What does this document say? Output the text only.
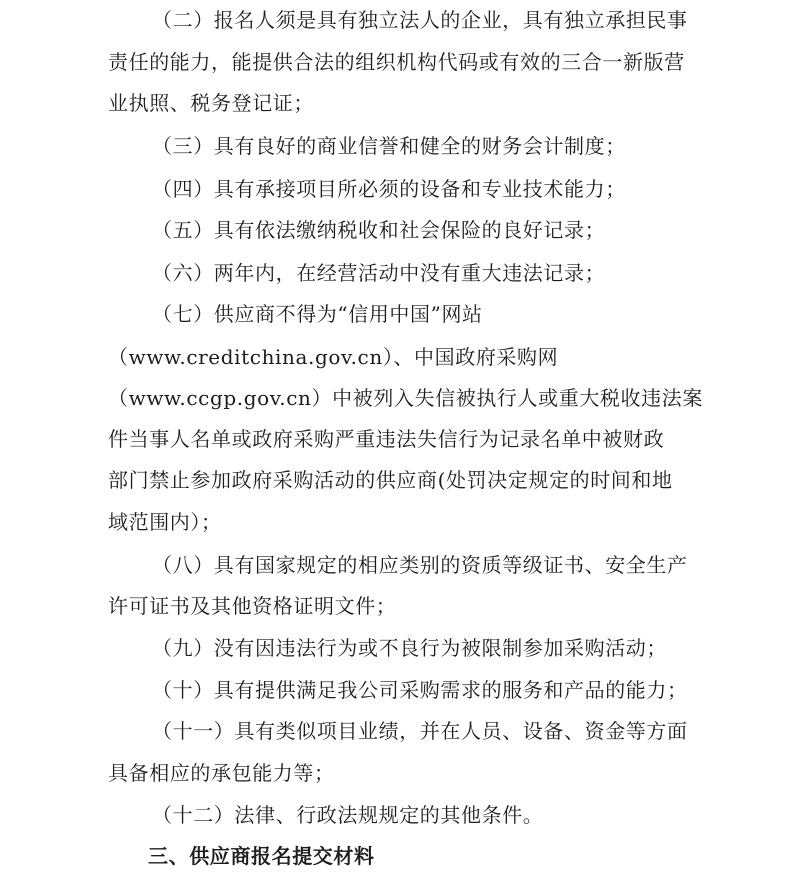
（二）报名人须是具有独立法人的企业，具有独立承担民事
责任的能力，能提供合法的组织机构代码或有效的三合一新版营
业执照、税务登记证；
（三）具有良好的商业信誉和健全的财务会计制度；
（四）具有承接项目所必须的设备和专业技术能力；
（五）具有依法缴纳税收和社会保险的良好记录；
（六）两年内，在经营活动中没有重大违法记录；
（七）供应商不得为“信用中国”网站
（www.creditchina.gov.cn）、中国政府采购网
（www.ccgp.gov.cn）中被列入失信被执行人或重大税收违法案
件当事人名单或政府采购严重违法失信行为记录名单中被财政
部门禁止参加政府采购活动的供应商(处罚决定规定的时间和地
域范围内）；
（八）具有国家规定的相应类别的资质等级证书、安全生产
许可证书及其他资格证明文件；
（九）没有因违法行为或不良行为被限制参加采购活动；
（十）具有提供满足我公司采购需求的服务和产品的能力；
（十一）具有类似项目业绩，并在人员、设备、资金等方面
具备相应的承包能力等；
（十二）法律、行政法规规定的其他条件。
三、供应商报名提交材料
